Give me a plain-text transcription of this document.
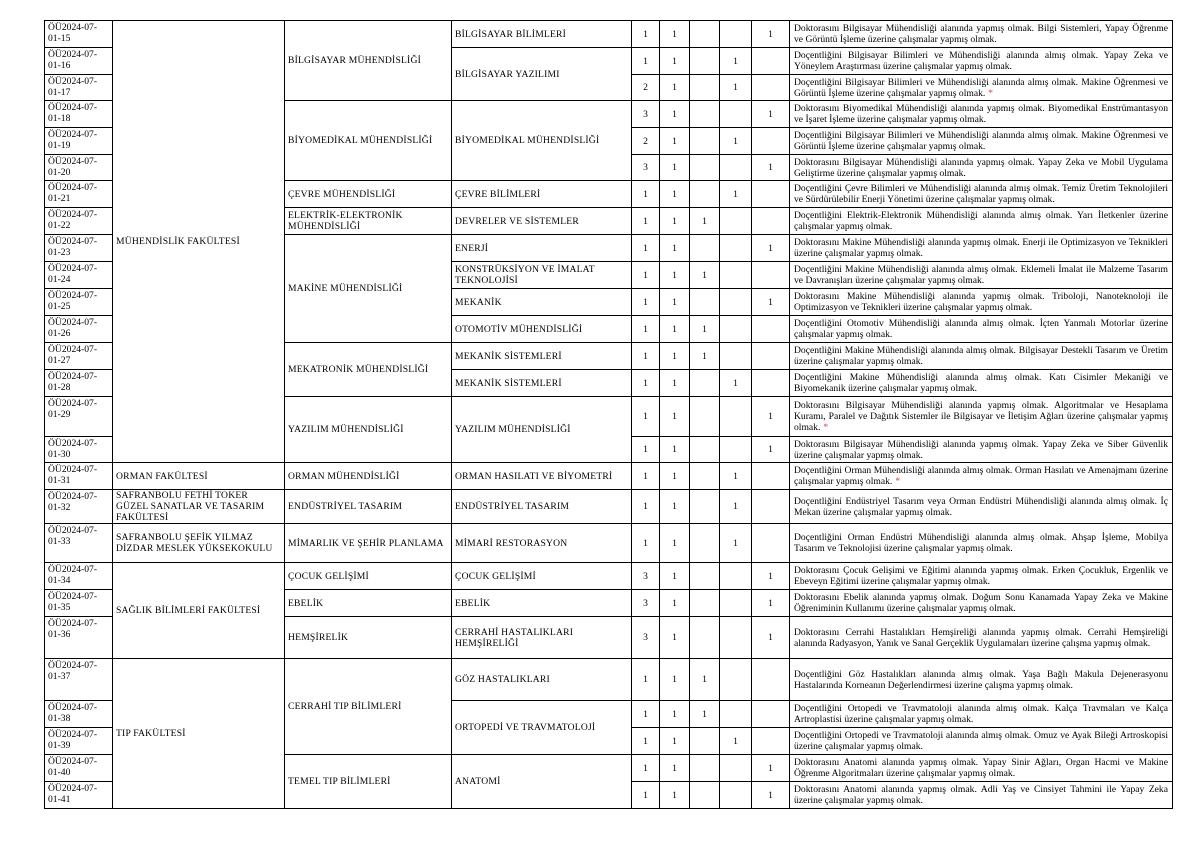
ÖÜ2024-07-01-15	MÜHENDİSLİK FAKÜLTESİ	BİLGİSAYAR MÜHENDİSLİĞİ	BİLGİSAYAR BİLİMLERİ	1	1			1	Doktorasını Bilgisayar Mühendisliği alanında yapmış olmak. Bilgi Sistemleri, Yapay Öğrenme ve Görüntü İşleme üzerine çalışmalar yapmış olmak.
ÖÜ2024-07-01-16			BİLGİSAYAR YAZILIMI	1	1		1		Doçentliğini Bilgisayar Bilimleri ve Mühendisliği alanında almış olmak. Yapay Zeka ve Yöneylem Araştırması üzerine çalışmalar yapmış olmak.
ÖÜ2024-07-01-17				2	1		1		Doçentliğini Bilgisayar Bilimleri ve Mühendisliği alanında almış olmak. Makine Öğrenmesi ve Görüntü İşleme üzerine çalışmalar yapmış olmak. *
ÖÜ2024-07-01-18		BİYOMEDİKAL MÜHENDİSLİĞİ	BİYOMEDİKAL MÜHENDİSLİĞİ	3	1			1	Doktorasını Biyomedikal Mühendisliği alanında yapmış olmak. Biyomedikal Enstrümantasyon ve İşaret İşleme üzerine çalışmalar yapmış olmak.
ÖÜ2024-07-01-19				2	1		1		Doçentliğini Bilgisayar Bilimleri ve Mühendisliği alanında almış olmak. Makine Öğrenmesi ve Görüntü İşleme üzerine çalışmalar yapmış olmak.
ÖÜ2024-07-01-20				3	1			1	Doktorasını Bilgisayar Mühendisliği alanında yapmış olmak. Yapay Zeka ve Mobil Uygulama Geliştirme üzerine çalışmalar yapmış olmak.
ÖÜ2024-07-01-21		ÇEVRE MÜHENDİSLİĞİ	ÇEVRE BİLİMLERİ	1	1		1		Doçentliğini Çevre Bilimleri ve Mühendisliği alanında almış olmak. Temiz Üretim Teknolojileri ve Sürdürülebilir Enerji Yönetimi üzerine çalışmalar yapmış olmak.
ÖÜ2024-07-01-22		ELEKTRİK-ELEKTRONİK MÜHENDİSLİĞİ	DEVRELER VE SİSTEMLER	1	1	1			Doçentliğini Elektrik-Elektronik Mühendisliği alanında almış olmak. Yarı İletkenler üzerine çalışmalar yapmış olmak.
ÖÜ2024-07-01-23		MAKİNE MÜHENDİSLİĞİ	ENERJİ	1	1			1	Doktorasını Makine Mühendisliği alanında yapmış olmak. Enerji ile Optimizasyon ve Teknikleri üzerine çalışmalar yapmış olmak.
ÖÜ2024-07-01-24			KONSTRÜKSİYON VE İMALAT TEKNOLOJİSİ	1	1	1			Doçentliğini Makine Mühendisliği alanında almış olmak. Eklemeli İmalat ile Malzeme Tasarım ve Davranışları üzerine çalışmalar yapmış olmak.
ÖÜ2024-07-01-25			MEKANİK	1	1			1	Doktorasını Makine Mühendisliği alanında yapmış olmak. Triboloji, Nanoteknoloji ile Optimizasyon ve Teknikleri üzerine çalışmalar yapmış olmak.
ÖÜ2024-07-01-26			OTOMOTİV MÜHENDİSLİĞİ	1	1	1			Doçentliğini Otomotiv Mühendisliği alanında almış olmak. İçten Yanmalı Motorlar üzerine çalışmalar yapmış olmak.
ÖÜ2024-07-01-27		MEKATRONİK MÜHENDİSLİĞİ	MEKANİK SİSTEMLERİ	1	1	1			Doçentliğini Makine Mühendisliği alanında almış olmak. Bilgisayar Destekli Tasarım ve Üretim üzerine çalışmalar yapmış olmak.
ÖÜ2024-07-01-28			MEKANİK SİSTEMLERİ	1	1		1		Doçentliğini Makine Mühendisliği alanında almış olmak. Katı Cisimler Mekaniği ve Biyomekanik üzerine çalışmalar yapmış olmak.
ÖÜ2024-07-01-29		YAZILIM MÜHENDİSLİĞİ	YAZILIM MÜHENDİSLİĞİ	1	1			1	Doktorasını Bilgisayar Mühendisliği alanında yapmış olmak. Algoritmalar ve Hesaplama Kuramı, Paralel ve Dağıtık Sistemler ile Bilgisayar ve İletişim Ağları üzerine çalışmalar yapmış olmak. *
ÖÜ2024-07-01-30				1	1			1	Doktorasını Bilgisayar Mühendisliği alanında yapmış olmak. Yapay Zeka ve Siber Güvenlik üzerine çalışmalar yapmış olmak.
ÖÜ2024-07-01-31	ORMAN FAKÜLTESİ	ORMAN MÜHENDİSLİĞİ	ORMAN HASILATI VE BİYOMETRİ	1	1		1		Doçentliğini Orman Mühendisliği alanında almış olmak. Orman Hasılatı ve Amenajmanı üzerine çalışmalar yapmış olmak. *
ÖÜ2024-07-01-32	SAFRANBOLU FETHİ TOKER GÜZEL SANATLAR VE TASARIM FAKÜLTESİ	ENDÜSTRİYEL TASARIM	ENDÜSTRİYEL TASARIM	1	1		1		Doçentliğini Endüstriyel Tasarım veya Orman Endüstri Mühendisliği alanında almış olmak. İç Mekan üzerine çalışmalar yapmış olmak.
ÖÜ2024-07-01-33	SAFRANBOLU ŞEFİK YILMAZ DİZDAR MESLEK YÜKSEKOKULU	MİMARLIK VE ŞEHİR PLANLAMA	MİMARİ RESTORASYON	1	1		1		Doçentliğini Orman Endüstri Mühendisliği alanında almış olmak. Ahşap İşleme, Mobilya Tasarım ve Teknolojisi üzerine çalışmalar yapmış olmak.
ÖÜ2024-07-01-34	SAĞLIK BİLİMLERİ FAKÜLTESİ	ÇOCUK GELİŞİMİ	ÇOCUK GELİŞİMİ	3	1			1	Doktorasını Çocuk Gelişimi ve Eğitimi alanında yapmış olmak. Erken Çocukluk, Ergenlik ve Ebeveyn Eğitimi üzerine çalışmalar yapmış olmak.
ÖÜ2024-07-01-35		EBELİK	EBELİK	3	1			1	Doktorasını Ebelik alanında yapmış olmak. Doğum Sonu Kanamada Yapay Zeka ve Makine Öğreniminin Kullanımı üzerine çalışmalar yapmış olmak.
ÖÜ2024-07-01-36		HEMŞİRELİK	CERRAHİ HASTALIKLARI HEMŞİRELİĞİ	3	1			1	Doktorasını Cerrahi Hastalıkları Hemşireliği alanında yapmış olmak. Cerrahi Hemşireliği alanında Radyasyon, Yanık ve Sanal Gerçeklik Uygulamaları üzerine çalışma yapmış olmak.
ÖÜ2024-07-01-37	TIP FAKÜLTESİ	CERRAHİ TIP BİLİMLERİ	GÖZ HASTALIKLARI	1	1	1			Doçentliğini Göz Hastalıkları alanında almış olmak. Yaşa Bağlı Makula Dejenerasyonu Hastalarında Korneanın Değerlendirmesi üzerine çalışma yapmış olmak.
ÖÜ2024-07-01-38			ORTOPEDİ VE TRAVMATOLOJİ	1	1	1			Doçentliğini Ortopedi ve Travmatoloji alanında almış olmak. Kalça Travmaları ve Kalça Artroplastisi üzerine çalışmalar yapmış olmak.
ÖÜ2024-07-01-39				1	1		1		Doçentliğini Ortopedi ve Travmatoloji alanında almış olmak. Omuz ve Ayak Bileği Artroskopisi üzerine çalışmalar yapmış olmak.
ÖÜ2024-07-01-40		TEMEL TIP BİLİMLERİ	ANATOMİ	1	1			1	Doktorasını Anatomi alanında yapmış olmak. Yapay Sinir Ağları, Organ Hacmi ve Makine Öğrenme Algoritmaları üzerine çalışmalar yapmış olmak.
ÖÜ2024-07-01-41				1	1			1	Doktorasını Anatomi alanında yapmış olmak. Adli Yaş ve Cinsiyet Tahmini ile Yapay Zeka üzerine çalışmalar yapmış olmak.
